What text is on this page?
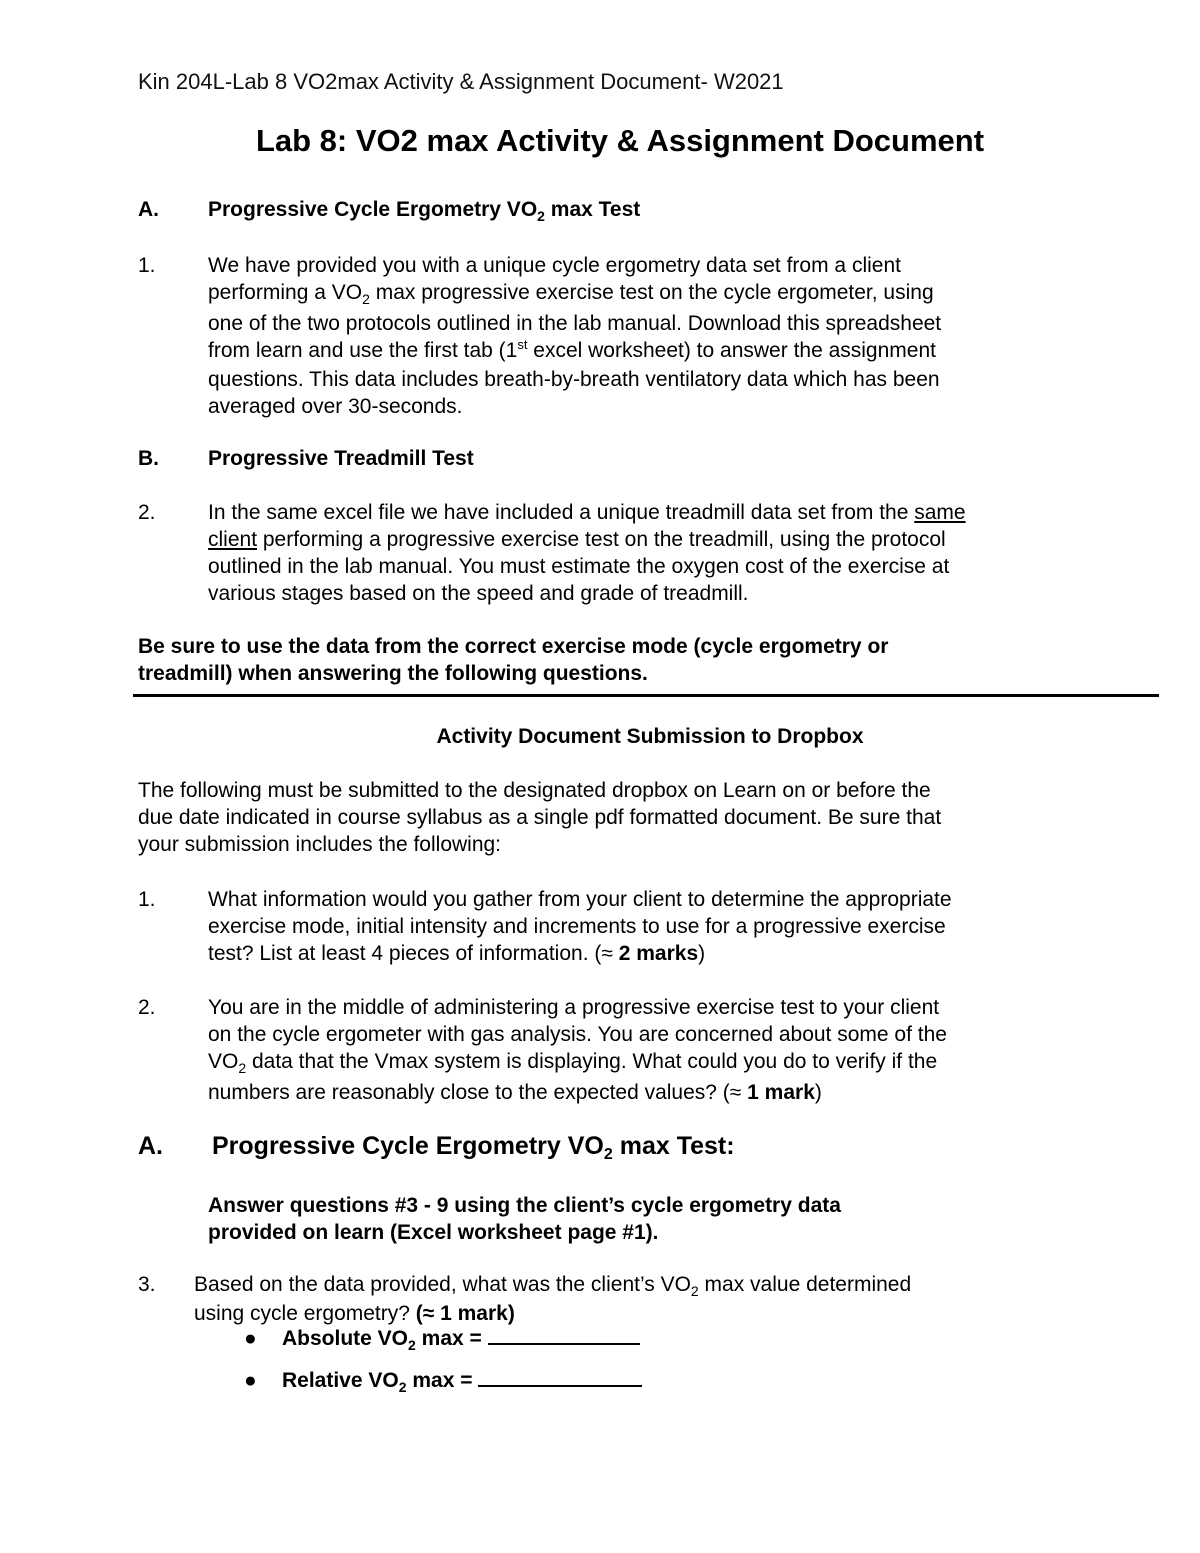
Kin 204L-Lab 8 VO2max Activity & Assignment Document- W2021
Lab 8: VO2 max Activity & Assignment Document
A. Progressive Cycle Ergometry $VO_2$ max Test
1. We have provided you with a unique cycle ergometry data set from a client
performing a $VO_2$ max progressive exercise test on the cycle ergometer, using
one of the two protocols outlined in the lab manual. Download this spreadsheet
from learn and use the first tab (1st excel worksheet) to answer the assignment
questions. This data includes breath-by-breath ventilatory data which has been
averaged over 30-seconds.
B. Progressive Treadmill Test
2. In the same excel file we have included a unique treadmill data set from the same
client performing a progressive exercise test on the treadmill, using the protocol
outlined in the lab manual. You must estimate the oxygen cost of the exercise at
various stages based on the speed and grade of treadmill.
Be sure to use the data from the correct exercise mode (cycle ergometry or
treadmill) when answering the following questions.
Activity Document Submission to Dropbox
The following must be submitted to the designated dropbox on Learn on or before the
due date indicated in course syllabus as a single pdf formatted document. Be sure that
your submission includes the following:
1. What information would you gather from your client to determine the appropriate
exercise mode, initial intensity and increments to use for a progressive exercise
test? List at least 4 pieces of information. (≈ 2 marks)
2. You are in the middle of administering a progressive exercise test to your client
on the cycle ergometer with gas analysis. You are concerned about some of the
$VO_2$ data that the Vmax system is displaying. What could you do to verify if the
numbers are reasonably close to the expected values? (≈ 1 mark)
A. Progressive Cycle Ergometry $VO_2$ max Test:
Answer questions #3 - 9 using the client’s cycle ergometry data
provided on learn (Excel worksheet page #1).
3. Based on the data provided, what was the client’s $VO_2$ max value determined
using cycle ergometry? (≈ 1 mark)
● Absolute $VO_2$ max =
● Relative $VO_2$ max =
